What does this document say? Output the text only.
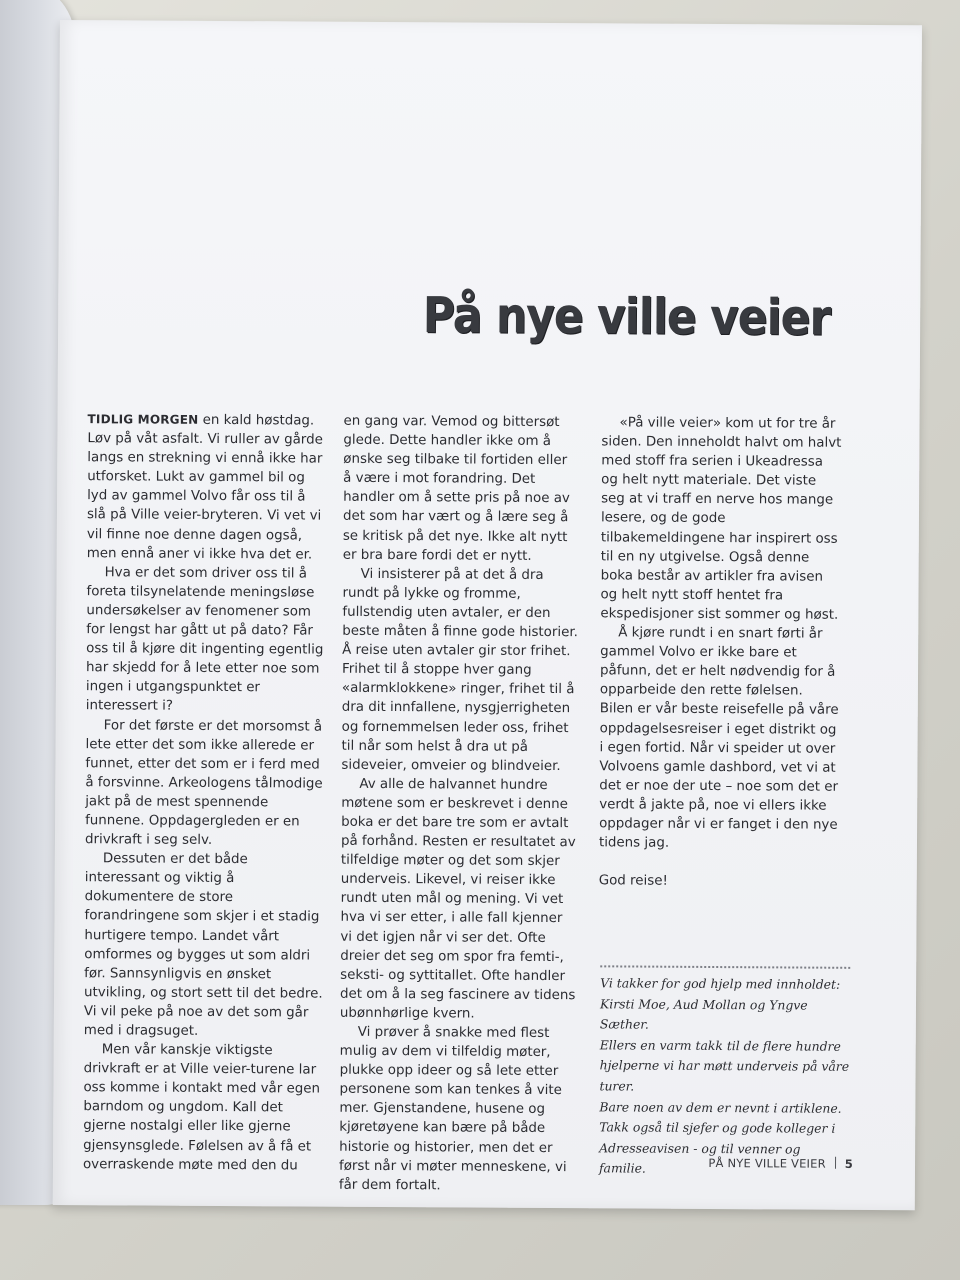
På nye ville veier

TIDLIG MORGEN en kald høstdag. Løv på våt asfalt. Vi ruller av gårde langs en strekning vi ennå ikke har utforsket. Lukt av gammel bil og lyd av gammel Volvo får oss til å slå på Ville veier-bryteren. Vi vet vi vil finne noe denne dagen også, men ennå aner vi ikke hva det er.

Hva er det som driver oss til å foreta tilsynelatende meningsløse undersøkelser av fenomener som for lengst har gått ut på dato? Får oss til å kjøre dit ingenting egentlig har skjedd for å lete etter noe som ingen i utgangspunktet er interessert i?

For det første er det morsomst å lete etter det som ikke allerede er funnet, etter det som er i ferd med å forsvinne. Arkeologens tålmodige jakt på de mest spennende funnene. Oppdagergleden er en drivkraft i seg selv.

Dessuten er det både interessant og viktig å dokumentere de store forandringene som skjer i et stadig hurtigere tempo. Landet vårt omformes og bygges ut som aldri før. Sannsynligvis en ønsket utvikling, og stort sett til det bedre. Vi vil peke på noe av det som går med i dragsuget.

Men vår kanskje viktigste drivkraft er at Ville veier-turene lar oss komme i kontakt med vår egen barndom og ungdom. Kall det gjerne nostalgi eller like gjerne gjensynsglede. Følelsen av å få et overraskende møte med den du

en gang var. Vemod og bittersøt glede. Dette handler ikke om å ønske seg tilbake til fortiden eller å være i mot forandring. Det handler om å sette pris på noe av det som har vært og å lære seg å se kritisk på det nye. Ikke alt nytt er bra bare fordi det er nytt.

Vi insisterer på at det å dra rundt på lykke og fromme, fullstendig uten avtaler, er den beste måten å finne gode historier. Å reise uten avtaler gir stor frihet. Frihet til å stoppe hver gang «alarmklokkene» ringer, frihet til å dra dit innfallene, nysgjerrigheten og fornemmelsen leder oss, frihet til når som helst å dra ut på sideveier, omveier og blindveier.

Av alle de halvannet hundre møtene som er beskrevet i denne boka er det bare tre som er avtalt på forhånd. Resten er resultatet av tilfeldige møter og det som skjer underveis. Likevel, vi reiser ikke rundt uten mål og mening. Vi vet hva vi ser etter, i alle fall kjenner vi det igjen når vi ser det. Ofte dreier det seg om spor fra femti-, seksti- og syttitallet. Ofte handler det om å la seg fascinere av tidens ubønnhørlige kvern.

Vi prøver å snakke med flest mulig av dem vi tilfeldig møter, plukke opp ideer og så lete etter personene som kan tenkes å vite mer. Gjenstandene, husene og kjøretøyene kan bære på både historie og historier, men det er først når vi møter menneskene, vi får dem fortalt.

«På ville veier» kom ut for tre år siden. Den inneholdt halvt om halvt med stoff fra serien i Ukeadressa og helt nytt materiale. Det viste seg at vi traff en nerve hos mange lesere, og de gode tilbakemeldingene har inspirert oss til en ny utgivelse. Også denne boka består av artikler fra avisen og helt nytt stoff hentet fra ekspedisjoner sist sommer og høst.

Å kjøre rundt i en snart førti år gammel Volvo er ikke bare et påfunn, det er helt nødvendig for å opparbeide den rette følelsen. Bilen er vår beste reisefelle på våre oppdagelsesreiser i eget distrikt og i egen fortid. Når vi speider ut over Volvoens gamle dashbord, vet vi at det er noe der ute – noe som det er verdt å jakte på, noe vi ellers ikke oppdager når vi er fanget i den nye tidens jag.

God reise!

Vi takker for god hjelp med innholdet:
Kirsti Moe, Aud Mollan og Yngve Sæther.
Ellers en varm takk til de flere hundre
hjelperne vi har møtt underveis på våre turer.
Bare noen av dem er nevnt i artiklene.
Takk også til sjefer og gode kolleger i
Adresseavisen - og til venner og familie.	PÅ NYE VILLE VEIER 5
